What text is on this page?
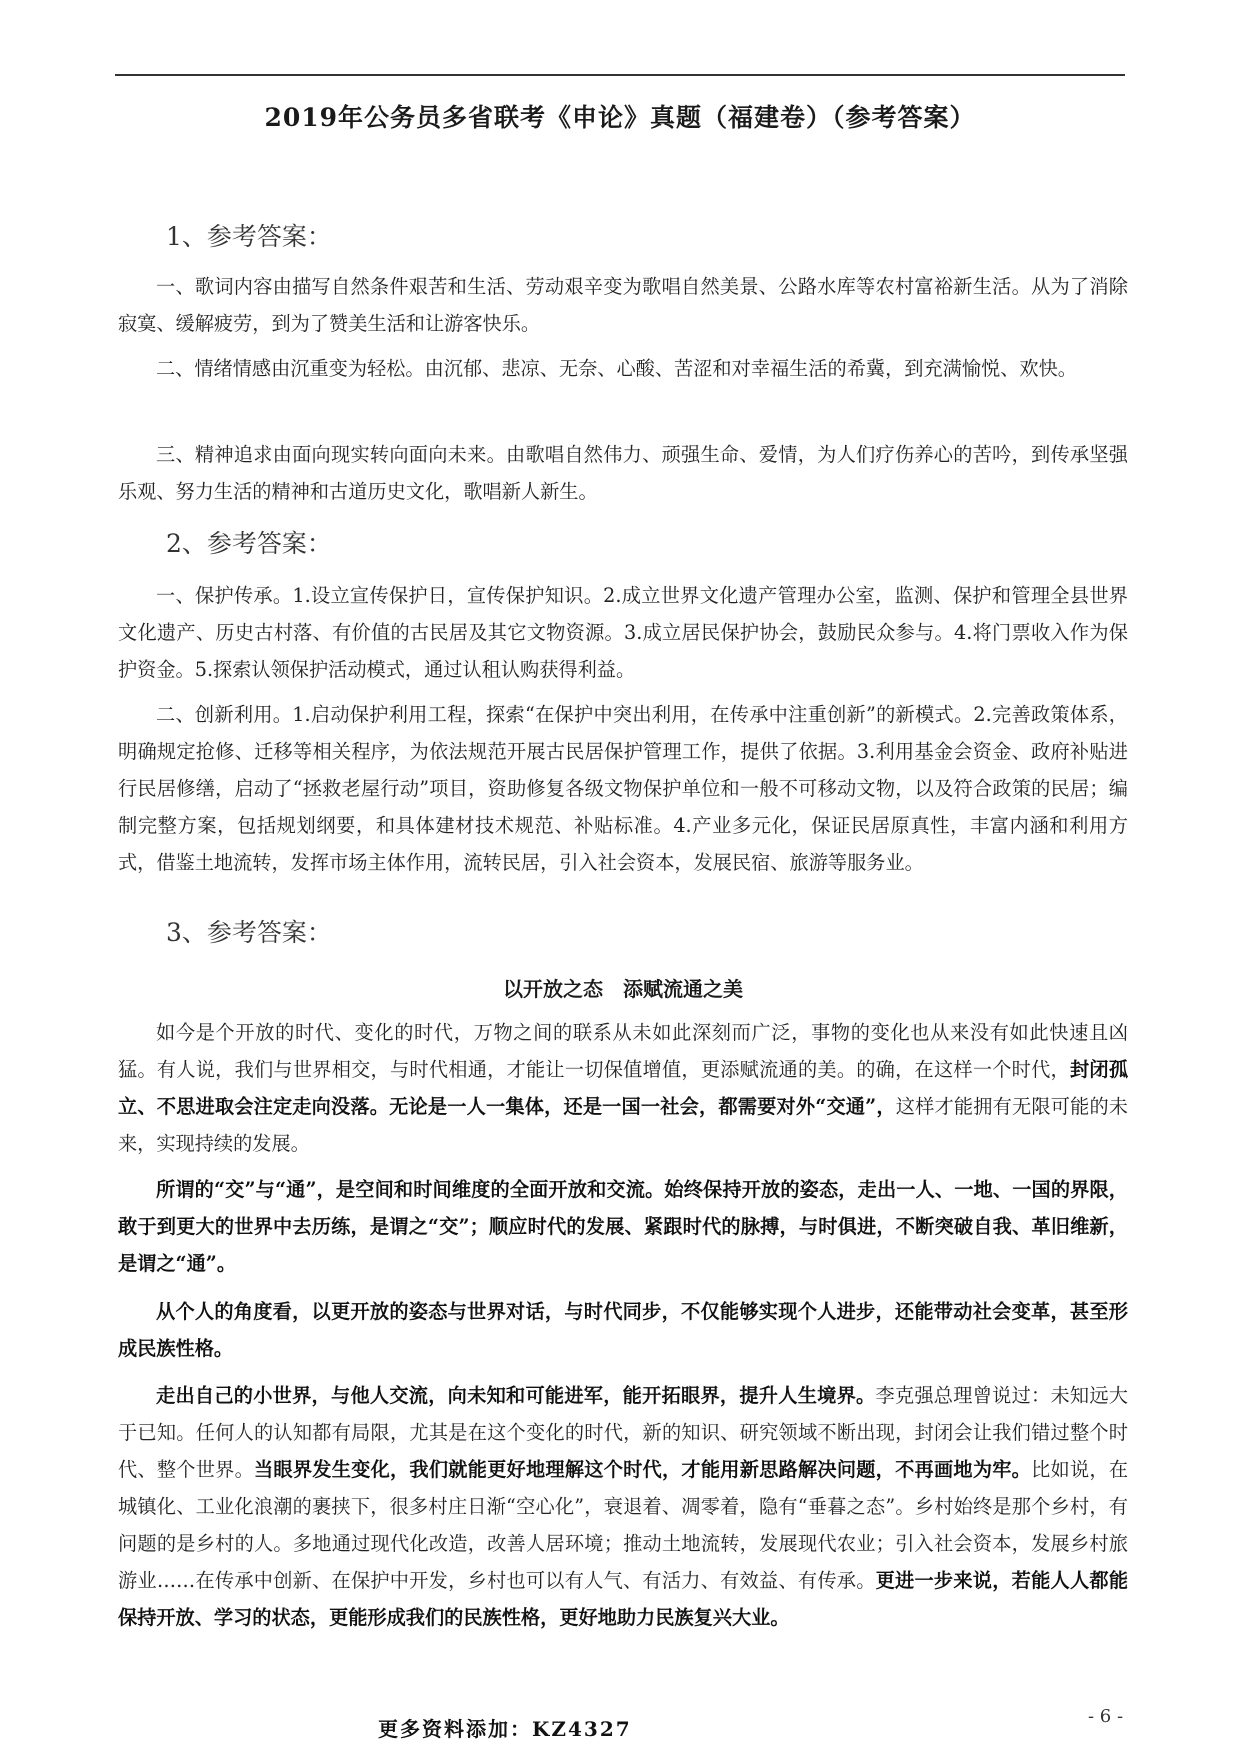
2019年公务员多省联考《申论》真题（福建卷）（参考答案）
1、参考答案：
一、歌词内容由描写自然条件艰苦和生活、劳动艰辛变为歌唱自然美景、公路水库等农村富裕新生活。从为了消除寂寞、缓解疲劳，到为了赞美生活和让游客快乐。
二、情绪情感由沉重变为轻松。由沉郁、悲凉、无奈、心酸、苦涩和对幸福生活的希冀，到充满愉悦、欢快。
三、精神追求由面向现实转向面向未来。由歌唱自然伟力、顽强生命、爱情，为人们疗伤养心的苦吟，到传承坚强乐观、努力生活的精神和古道历史文化，歌唱新人新生。
2、参考答案：
一、保护传承。1.设立宣传保护日，宣传保护知识。2.成立世界文化遗产管理办公室，监测、保护和管理全县世界文化遗产、历史古村落、有价值的古民居及其它文物资源。3.成立居民保护协会，鼓励民众参与。4.将门票收入作为保护资金。5.探索认领保护活动模式，通过认租认购获得利益。
二、创新利用。1.启动保护利用工程，探索“在保护中突出利用，在传承中注重创新”的新模式。2.完善政策体系，明确规定抢修、迁移等相关程序，为依法规范开展古民居保护管理工作，提供了依据。3.利用基金会资金、政府补贴进行民居修缮，启动了“拯救老屋行动”项目，资助修复各级文物保护单位和一般不可移动文物，以及符合政策的民居；编制完整方案，包括规划纲要，和具体建材技术规范、补贴标准。4.产业多元化，保证民居原真性，丰富内涵和利用方式，借鉴土地流转，发挥市场主体作用，流转民居，引入社会资本，发展民宿、旅游等服务业。
3、参考答案：
以开放之态　添赋流通之美
如今是个开放的时代、变化的时代，万物之间的联系从未如此深刻而广泛，事物的变化也从来没有如此快速且凶猛。有人说，我们与世界相交，与时代相通，才能让一切保值增值，更添赋流通的美。的确，在这样一个时代，封闭孤立、不思进取会注定走向没落。无论是一人一集体，还是一国一社会，都需要对外“交通”，这样才能拥有无限可能的未来，实现持续的发展。
所谓的“交”与“通”，是空间和时间维度的全面开放和交流。始终保持开放的姿态，走出一人、一地、一国的界限，敢于到更大的世界中去历练，是谓之“交”；顺应时代的发展、紧跟时代的脉搏，与时俱进，不断突破自我、革旧维新，是谓之“通”。
从个人的角度看，以更开放的姿态与世界对话，与时代同步，不仅能够实现个人进步，还能带动社会变革，甚至形成民族性格。
走出自己的小世界，与他人交流，向未知和可能进军，能开拓眼界，提升人生境界。李克强总理曾说过：未知远大于已知。任何人的认知都有局限，尤其是在这个变化的时代，新的知识、研究领域不断出现，封闭会让我们错过整个时代、整个世界。当眼界发生变化，我们就能更好地理解这个时代，才能用新思路解决问题，不再画地为牢。比如说，在城镇化、工业化浪潮的裹挟下，很多村庄日渐“空心化”，衰退着、凋零着，隐有“垂暮之态”。乡村始终是那个乡村，有问题的是乡村的人。多地通过现代化改造，改善人居环境；推动土地流转，发展现代农业；引入社会资本，发展乡村旅游业……在传承中创新、在保护中开发，乡村也可以有人气、有活力、有效益、有传承。更进一步来说，若能人人都能保持开放、学习的状态，更能形成我们的民族性格，更好地助力民族复兴大业。
- 6 -
更多资料添加：KZ4327
